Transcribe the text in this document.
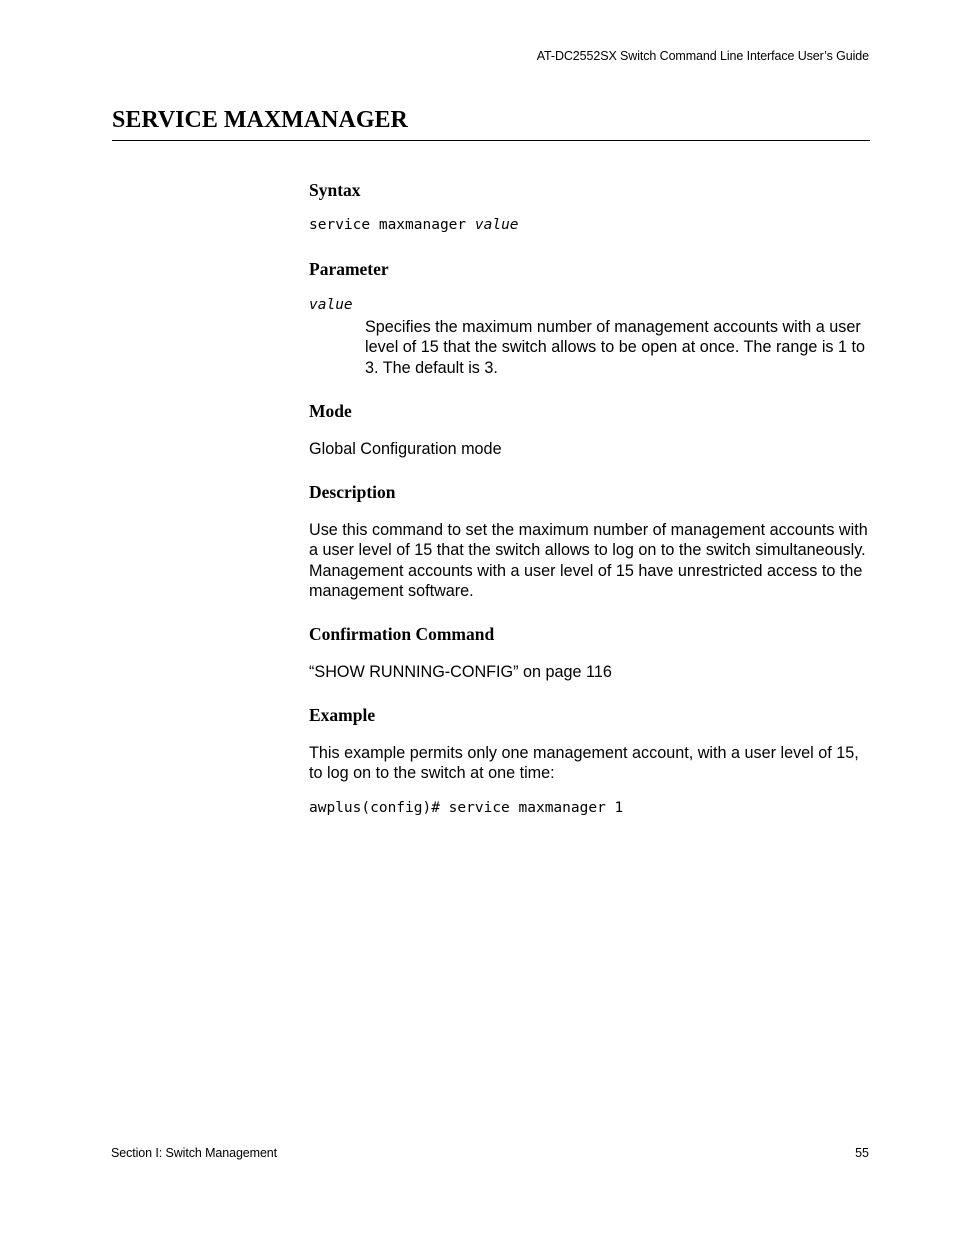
AT-DC2552SX Switch Command Line Interface User’s Guide
SERVICE MAXMANAGER
Syntax

service maxmanager value

Parameter

value

Specifies the maximum number of management accounts with a user level of 15 that the switch allows to be open at once. The range is 1 to 3. The default is 3.

Mode

Global Configuration mode

Description

Use this command to set the maximum number of management accounts with a user level of 15 that the switch allows to log on to the switch simultaneously. Management accounts with a user level of 15 have unrestricted access to the management software.

Confirmation Command

“SHOW RUNNING-CONFIG” on page 116

Example

This example permits only one management account, with a user level of 15, to log on to the switch at one time:

awplus(config)# service maxmanager 1

Section I: Switch Management	55
